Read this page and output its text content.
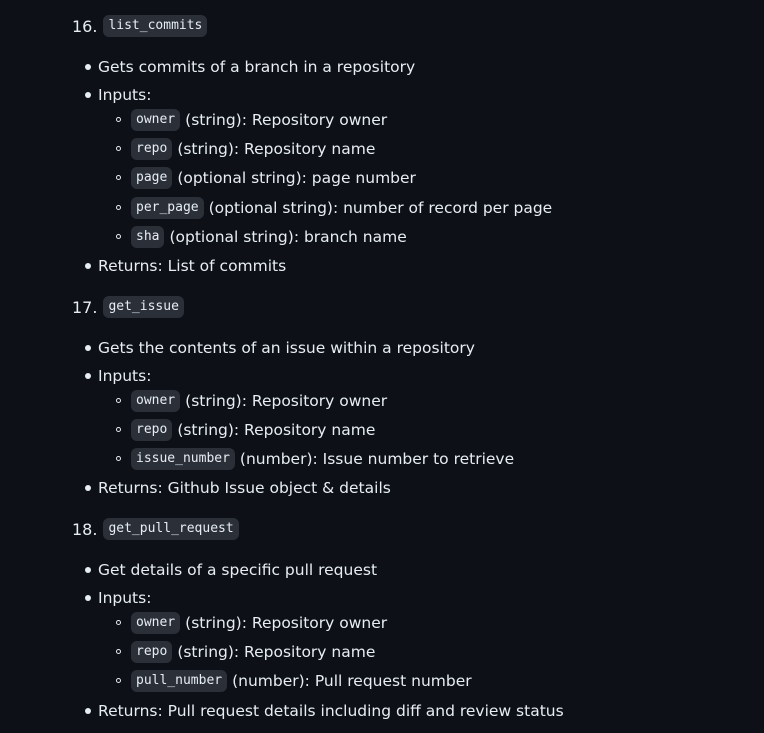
16. list_commits
Gets commits of a branch in a repository
Inputs:
owner (string): Repository owner
repo (string): Repository name
page (optional string): page number
per_page (optional string): number of record per page
sha (optional string): branch name
Returns: List of commits
17. get_issue
Gets the contents of an issue within a repository
Inputs:
owner (string): Repository owner
repo (string): Repository name
issue_number (number): Issue number to retrieve
Returns: Github Issue object & details
18. get_pull_request
Get details of a specific pull request
Inputs:
owner (string): Repository owner
repo (string): Repository name
pull_number (number): Pull request number
Returns: Pull request details including diff and review status
